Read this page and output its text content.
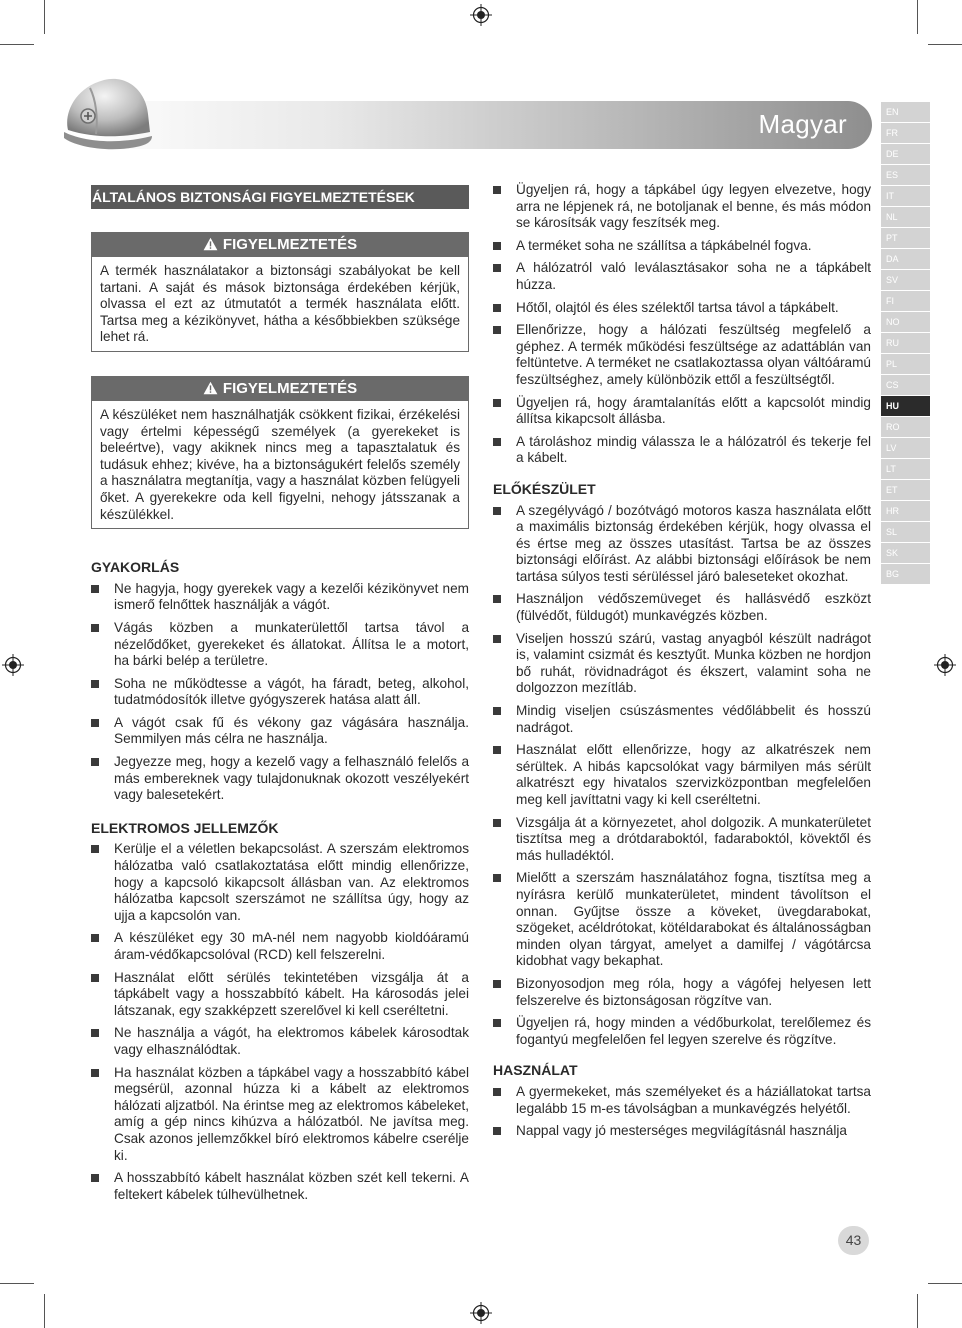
Magyar	EN
FR
DE
ES
IT
NL
PT
DA
SV
FI
NO
RU
PL
CS
HU
RO
LV
LT
ET
HR
SL
SK
BG
ÁLTALÁNOS BIZTONSÁGI FIGYELMEZTETÉSEK
FIGYELMEZTETÉS
A termék használatakor a biztonsági szabályokat be kell tartani. A saját és mások biztonsága érdekében kérjük, olvassa el ezt az útmutatót a termék használata előtt. Tartsa meg a kézikönyvet, hátha a későbbiekben szüksége lehet rá.
FIGYELMEZTETÉS
A készüléket nem használhatják csökkent fizikai, érzékelési vagy értelmi képességű személyek (a gyerekeket is beleértve), vagy akiknek nincs meg a tapasztalatuk és tudásuk ehhez; kivéve, ha a biztonságukért felelős személy a használatra megtanítja, vagy a használat közben felügyeli őket. A gyerekekre oda kell figyelni, nehogy játsszanak a készülékkel.
GYAKORLÁS
Ne hagyja, hogy gyerekek vagy a kezelői kézikönyvet nem ismerő felnőttek használják a vágót.
Vágás közben a munkaterülettől tartsa távol a nézelődőket, gyerekeket és állatokat. Állítsa le a motort, ha bárki belép a területre.
Soha ne működtesse a vágót, ha fáradt, beteg, alkohol, tudatmódosítók illetve gyógyszerek hatása alatt áll.
A vágót csak fű és vékony gaz vágására használja. Semmilyen más célra ne használja.
Jegyezze meg, hogy a kezelő vagy a felhasználó felelős a más embereknek vagy tulajdonuknak okozott veszélyekért vagy balesetekért.
ELEKTROMOS JELLEMZŐK
Kerülje el a véletlen bekapcsolást. A szerszám elektromos hálózatba való csatlakoztatása előtt mindig ellenőrizze, hogy a kapcsoló kikapcsolt állásban van. Az elektromos hálózatba kapcsolt szerszámot ne szállítsa úgy, hogy az ujja a kapcsolón van.
A készüléket egy 30 mA-nél nem nagyobb kioldóáramú áram-védőkapcsolóval (RCD) kell felszerelni.
Használat előtt sérülés tekintetében vizsgálja át a tápkábelt vagy a hosszabbító kábelt. Ha károsodás jelei látszanak, egy szakképzett szerelővel ki kell cseréltetni.
Ne használja a vágót, ha elektromos kábelek károsodtak vagy elhasználódtak.
Ha használat közben a tápkábel vagy a hosszabbító kábel megsérül, azonnal húzza ki a kábelt az elektromos hálózati aljzatból. Na érintse meg az elektromos kábeleket, amíg a gép nincs kihúzva a hálózatból. Ne javítsa meg. Csak azonos jellemzőkkel bíró elektromos kábelre cserélje ki.
A hosszabbító kábelt használat közben szét kell tekerni. A feltekert kábelek túlhevülhetnek.
Ügyeljen rá, hogy a tápkábel úgy legyen elvezetve, hogy arra ne lépjenek rá, ne botoljanak el benne, és más módon se károsítsák vagy feszítsék meg.
A terméket soha ne szállítsa a tápkábelnél fogva.
A hálózatról való leválasztásakor soha ne a tápkábelt húzza.
Hőtől, olajtól és éles szélektől tartsa távol a tápkábelt.
Ellenőrizze, hogy a hálózati feszültség megfelelő a géphez. A termék működési feszültsége az adattáblán van feltüntetve. A terméket ne csatlakoztassa olyan váltóáramú feszültséghez, amely különbözik ettől a feszültségtől.
Ügyeljen rá, hogy áramtalanítás előtt a kapcsolót mindig állítsa kikapcsolt állásba.
A tároláshoz mindig válassza le a hálózatról és tekerje fel a kábelt.
ELŐKÉSZÜLET
A szegélyvágó / bozótvágó motoros kasza használata előtt a maximális biztonság érdekében kérjük, hogy olvassa el és értse meg az összes utasítást. Tartsa be az összes biztonsági előírást. Az alábbi biztonsági előírások be nem tartása súlyos testi sérüléssel járó baleseteket okozhat.
Használjon védőszemüveget és hallásvédő eszközt (fülvédőt, füldugót) munkavégzés közben.
Viseljen hosszú szárú, vastag anyagból készült nadrágot is, valamint csizmát és kesztyűt. Munka közben ne hordjon bő ruhát, rövidnadrágot és ékszert, valamint soha ne dolgozzon mezítláb.
Mindig viseljen csúszásmentes védőlábbelit és hosszú nadrágot.
Használat előtt ellenőrizze, hogy az alkatrészek nem sérültek. A hibás kapcsolókat vagy bármilyen más sérült alkatrészt egy hivatalos szervizközpontban megfelelően meg kell javíttatni vagy ki kell cseréltetni.
Vizsgálja át a környezetet, ahol dolgozik. A munkaterületet tisztítsa meg a drótdaraboktól, fadaraboktól, kövektől és más hulladéktól.
Mielőtt a szerszám használatához fogna, tisztítsa meg a nyírásra kerülő munkaterületet, mindent távolítson el onnan. Gyűjtse össze a köveket, üvegdarabokat, szögeket, acéldrótokat, kötéldarabokat és általánosságban minden olyan tárgyat, amelyet a damilfej / vágótárcsa kidobhat vagy bekaphat.
Bizonyosodjon meg róla, hogy a vágófej helyesen lett felszerelve és biztonságosan rögzítve van.
Ügyeljen rá, hogy minden a védőburkolat, terelőlemez és fogantyú megfelelően fel legyen szerelve és rögzítve.
HASZNÁLAT
A gyermekeket, más személyeket és a háziállatokat tartsa legalább 15 m-es távolságban a munkavégzés helyétől.
Nappal vagy jó mesterséges megvilágításnál használja
43
